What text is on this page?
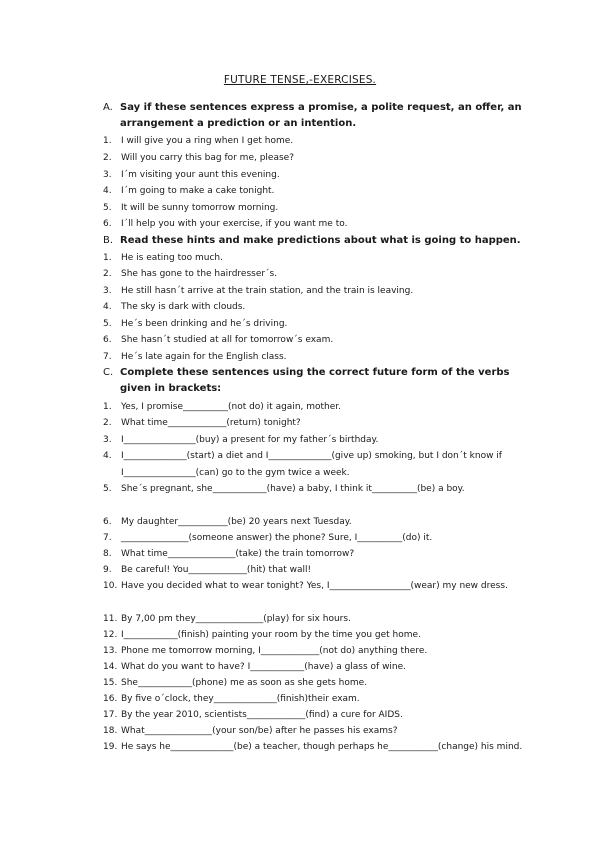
FUTURE TENSE,-EXERCISES.
A. Say if these sentences express a promise, a polite request, an offer, an arrangement a prediction or an intention.
1.	I will give you a ring when I get home.
2.	Will you carry this bag for me, please?
3.	I´m visiting your aunt this evening.
4.	I´m going to make a cake tonight.
5.	It will be sunny tomorrow morning.
6.	I´ll help you with your exercise, if you want me to.
B. Read these hints and make predictions about what is going to happen.
1.	He is eating too much.
2.	She has gone to the hairdresser´s.
3.	He still hasn´t arrive at the train station, and the train is leaving.
4.	The sky is dark with clouds.
5.	He´s been drinking and he´s driving.
6.	She hasn´t studied at all for tomorrow´s exam.
7.	He´s late again for the English class.
C. Complete these sentences using the correct future form of the verbs given in brackets:
1.	Yes, I promise__________(not do) it again, mother.
2.	What time_____________(return) tonight?
3.	I________________(buy) a present for my father´s birthday.
4.	I______________(start) a diet and I______________(give up) smoking, but I don´t know if I________________(can) go to the gym twice a week.
5.	She´s pregnant, she____________(have) a baby, I think it__________(be) a boy.
6.	My daughter___________(be) 20 years next Tuesday.
7.	_______________(someone answer) the phone? Sure, I__________(do) it.
8.	What time_______________(take) the train tomorrow?
9.	Be careful! You_____________(hit) that wall!
10. Have you decided what to wear tonight? Yes, I__________________(wear) my new dress.
11. By 7,00 pm they_______________(play) for six hours.
12. I____________(finish) painting your room by the time you get home.
13. Phone me tomorrow morning, I_____________(not do) anything there.
14. What do you want to have? I____________(have) a glass of wine.
15. She____________(phone) me as soon as she gets home.
16. By five o´clock, they______________(finish)their exam.
17. By the year 2010, scientists_____________(find) a cure for AIDS.
18. What_______________(your son/be) after he passes his exams?
19. He says he______________(be) a teacher, though perhaps he___________(change) his mind.
